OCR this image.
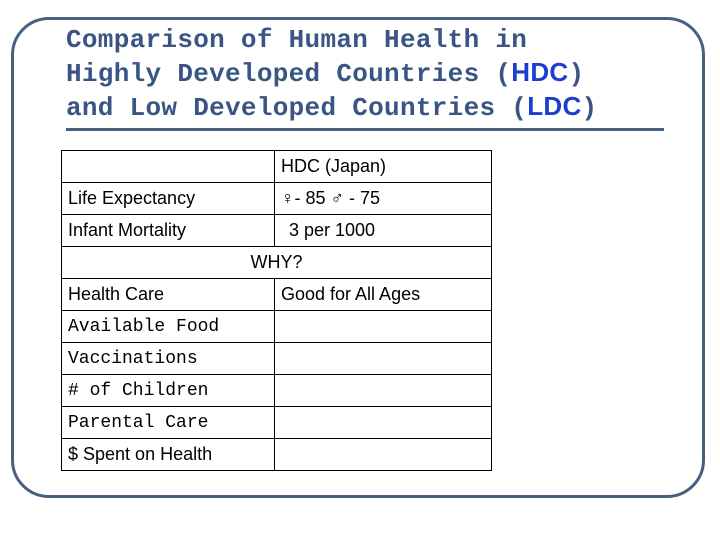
Comparison of Human Health in
Highly Developed Countries (HDC)
and Low Developed Countries (LDC)
	HDC (Japan)	
Life Expectancy	♀- 85 ♂ - 75	
Infant Mortality	3 per 1000	
WHY?		
Health Care	Good for All Ages	
Available Food		
Vaccinations		
# of Children		
Parental Care		
$ Spent on Health		
